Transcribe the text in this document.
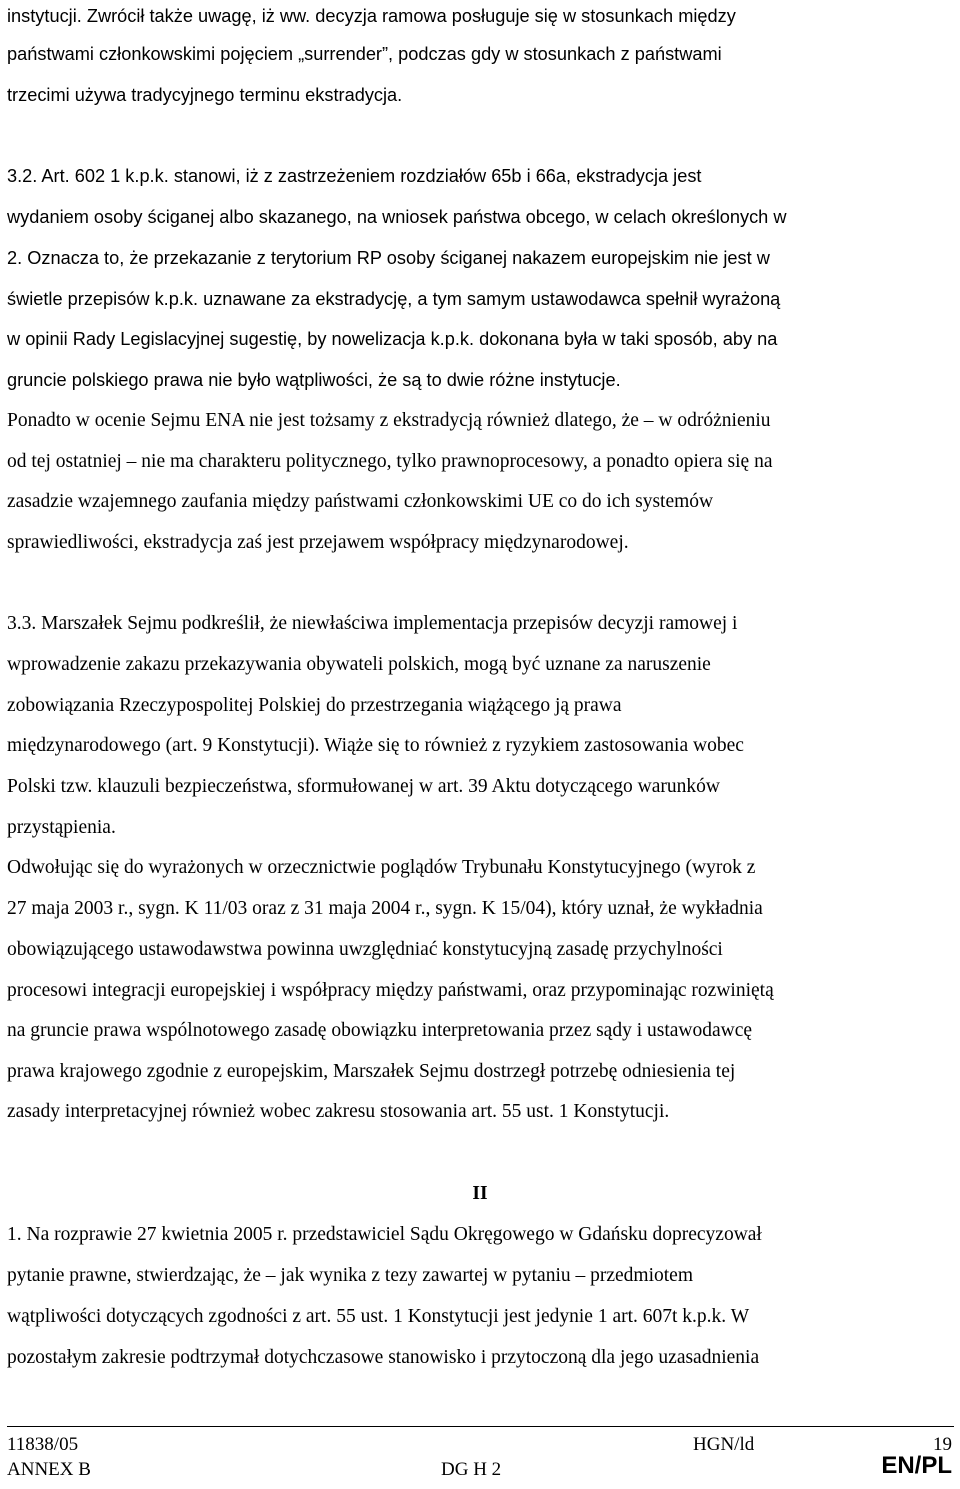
instytucji. Zwrócił także uwagę, iż ww. decyzja ramowa posługuje się w stosunkach między
państwami członkowskimi pojęciem „surrender”, podczas gdy w stosunkach z państwami
trzecimi używa tradycyjnego terminu ekstradycja.
3.2. Art. 602 1 k.p.k. stanowi, iż z zastrzeżeniem rozdziałów 65b i 66a, ekstradycja jest
wydaniem osoby ściganej albo skazanego, na wniosek państwa obcego, w celach określonych w
2. Oznacza to, że przekazanie z terytorium RP osoby ściganej nakazem europejskim nie jest w
świetle przepisów k.p.k. uznawane za ekstradycję, a tym samym ustawodawca spełnił wyrażoną
w opinii Rady Legislacyjnej sugestię, by nowelizacja k.p.k. dokonana była w taki sposób, aby na
gruncie polskiego prawa nie było wątpliwości, że są to dwie różne instytucje.
Ponadto w ocenie Sejmu ENA nie jest tożsamy z ekstradycją również dlatego, że – w odróżnieniu
od tej ostatniej – nie ma charakteru politycznego, tylko prawnoprocesowy, a ponadto opiera się na
zasadzie wzajemnego zaufania między państwami członkowskimi UE co do ich systemów
sprawiedliwości, ekstradycja zaś jest przejawem współpracy międzynarodowej.
3.3. Marszałek Sejmu podkreślił, że niewłaściwa implementacja przepisów decyzji ramowej i
wprowadzenie zakazu przekazywania obywateli polskich, mogą być uznane za naruszenie
zobowiązania Rzeczypospolitej Polskiej do przestrzegania wiążącego ją prawa
międzynarodowego (art. 9 Konstytucji). Wiąże się to również z ryzykiem zastosowania wobec
Polski tzw. klauzuli bezpieczeństwa, sformułowanej w art. 39 Aktu dotyczącego warunków
przystąpienia.
Odwołując się do wyrażonych w orzecznictwie poglądów Trybunału Konstytucyjnego (wyrok z
27 maja 2003 r., sygn. K 11/03 oraz z 31 maja 2004 r., sygn. K 15/04), który uznał, że wykładnia
obowiązującego ustawodawstwa powinna uwzględniać konstytucyjną zasadę przychylności
procesowi integracji europejskiej i współpracy między państwami, oraz przypominając rozwiniętą
na gruncie prawa wspólnotowego zasadę obowiązku interpretowania przez sądy i ustawodawcę
prawa krajowego zgodnie z europejskim, Marszałek Sejmu dostrzegł potrzebę odniesienia tej
zasady interpretacyjnej również wobec zakresu stosowania art. 55 ust. 1 Konstytucji.
II
1. Na rozprawie 27 kwietnia 2005 r. przedstawiciel Sądu Okręgowego w Gdańsku doprecyzował
pytanie prawne, stwierdzając, że – jak wynika z tezy zawartej w pytaniu – przedmiotem
wątpliwości dotyczących zgodności z art. 55 ust. 1 Konstytucji jest jedynie 1 art. 607t k.p.k. W
pozostałym zakresie podtrzymał dotychczasowe stanowisko i przytoczoną dla jego uzasadnienia
11838/05	HGN/ld	19
ANNEX B	DG H 2	EN/PL
